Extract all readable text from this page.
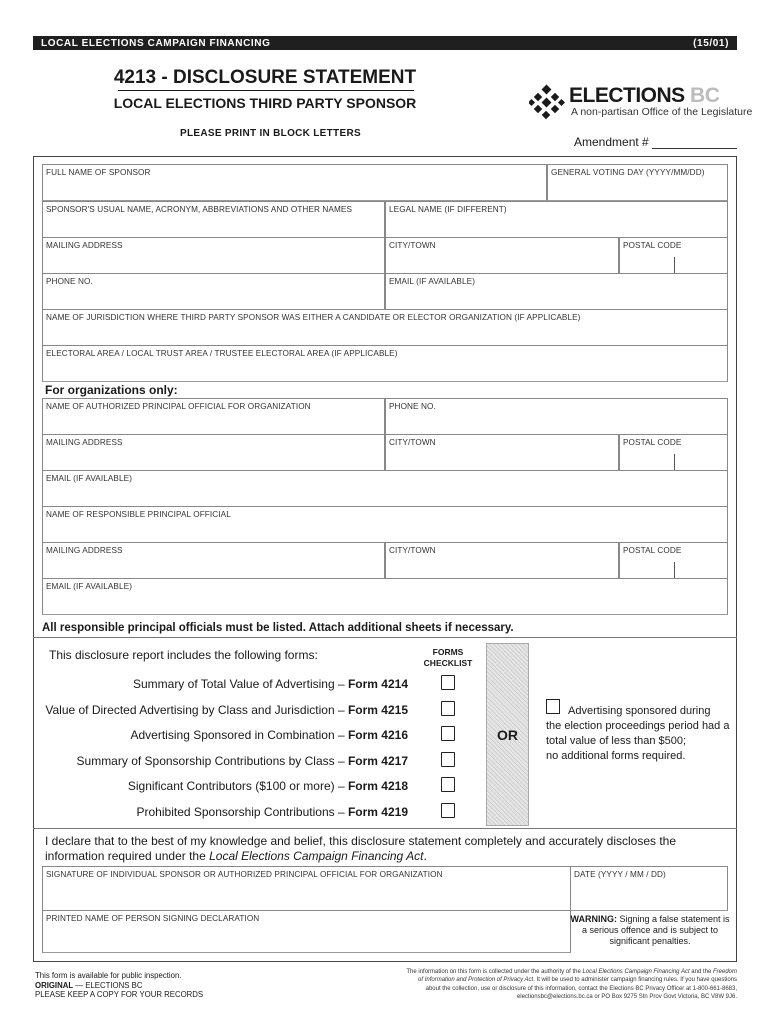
LOCAL ELECTIONS CAMPAIGN FINANCING	(15/01)
4213 - DISCLOSURE STATEMENT
LOCAL ELECTIONS THIRD PARTY SPONSOR
PLEASE PRINT IN BLOCK LETTERS
ELECTIONS BC
A non-partisan Office of the Legislature
Amendment #
FULL NAME OF SPONSOR	GENERAL VOTING DAY (YYYY/MM/DD)
SPONSOR'S USUAL NAME, ACRONYM, ABBREVIATIONS AND OTHER NAMES	LEGAL NAME (IF DIFFERENT)
MAILING ADDRESS	CITY/TOWN	POSTAL CODE
PHONE NO.	EMAIL (IF AVAILABLE)
NAME OF JURISDICTION WHERE THIRD PARTY SPONSOR WAS EITHER A CANDIDATE OR ELECTOR ORGANIZATION (IF APPLICABLE)
ELECTORAL AREA / LOCAL TRUST AREA / TRUSTEE ELECTORAL AREA (IF APPLICABLE)
For organizations only:
NAME OF AUTHORIZED PRINCIPAL OFFICIAL FOR ORGANIZATION	PHONE NO.
MAILING ADDRESS	CITY/TOWN	POSTAL CODE
EMAIL (IF AVAILABLE)
NAME OF RESPONSIBLE PRINCIPAL OFFICIAL
MAILING ADDRESS	CITY/TOWN	POSTAL CODE
EMAIL (IF AVAILABLE)
All responsible principal officials must be listed. Attach additional sheets if necessary.
This disclosure report includes the following forms:	FORMS
CHECKLIST
Summary of Total Value of Advertising – Form 4214
Value of Directed Advertising by Class and Jurisdiction – Form 4215
Advertising Sponsored in Combination – Form 4216
Summary of Sponsorship Contributions by Class – Form 4217
Significant Contributors ($100 or more) – Form 4218
Prohibited Sponsorship Contributions – Form 4219
OR
Advertising sponsored during
the election proceedings period had a
total value of less than $500;
no additional forms required.
I declare that to the best of my knowledge and belief, this disclosure statement completely and accurately discloses the information required under the Local Elections Campaign Financing Act.
SIGNATURE OF INDIVIDUAL SPONSOR OR AUTHORIZED PRINCIPAL OFFICIAL FOR ORGANIZATION	DATE (YYYY / MM / DD)
PRINTED NAME OF PERSON SIGNING DECLARATION	WARNING: Signing a false statement is a serious offence and is subject to significant penalties.
This form is available for public inspection.
ORIGINAL — ELECTIONS BC
PLEASE KEEP A COPY FOR YOUR RECORDS
The information on this form is collected under the authority of the Local Elections Campaign Financing Act and the Freedom of Information and Protection of Privacy Act. It will be used to administer campaign financing rules. If you have questions about the collection, use or disclosure of this information, contact the Elections BC Privacy Officer at 1-800-661-8683, electionsbc@elections.bc.ca or PO Box 9275 Stn Prov Govt Victoria, BC V8W 9J6.
